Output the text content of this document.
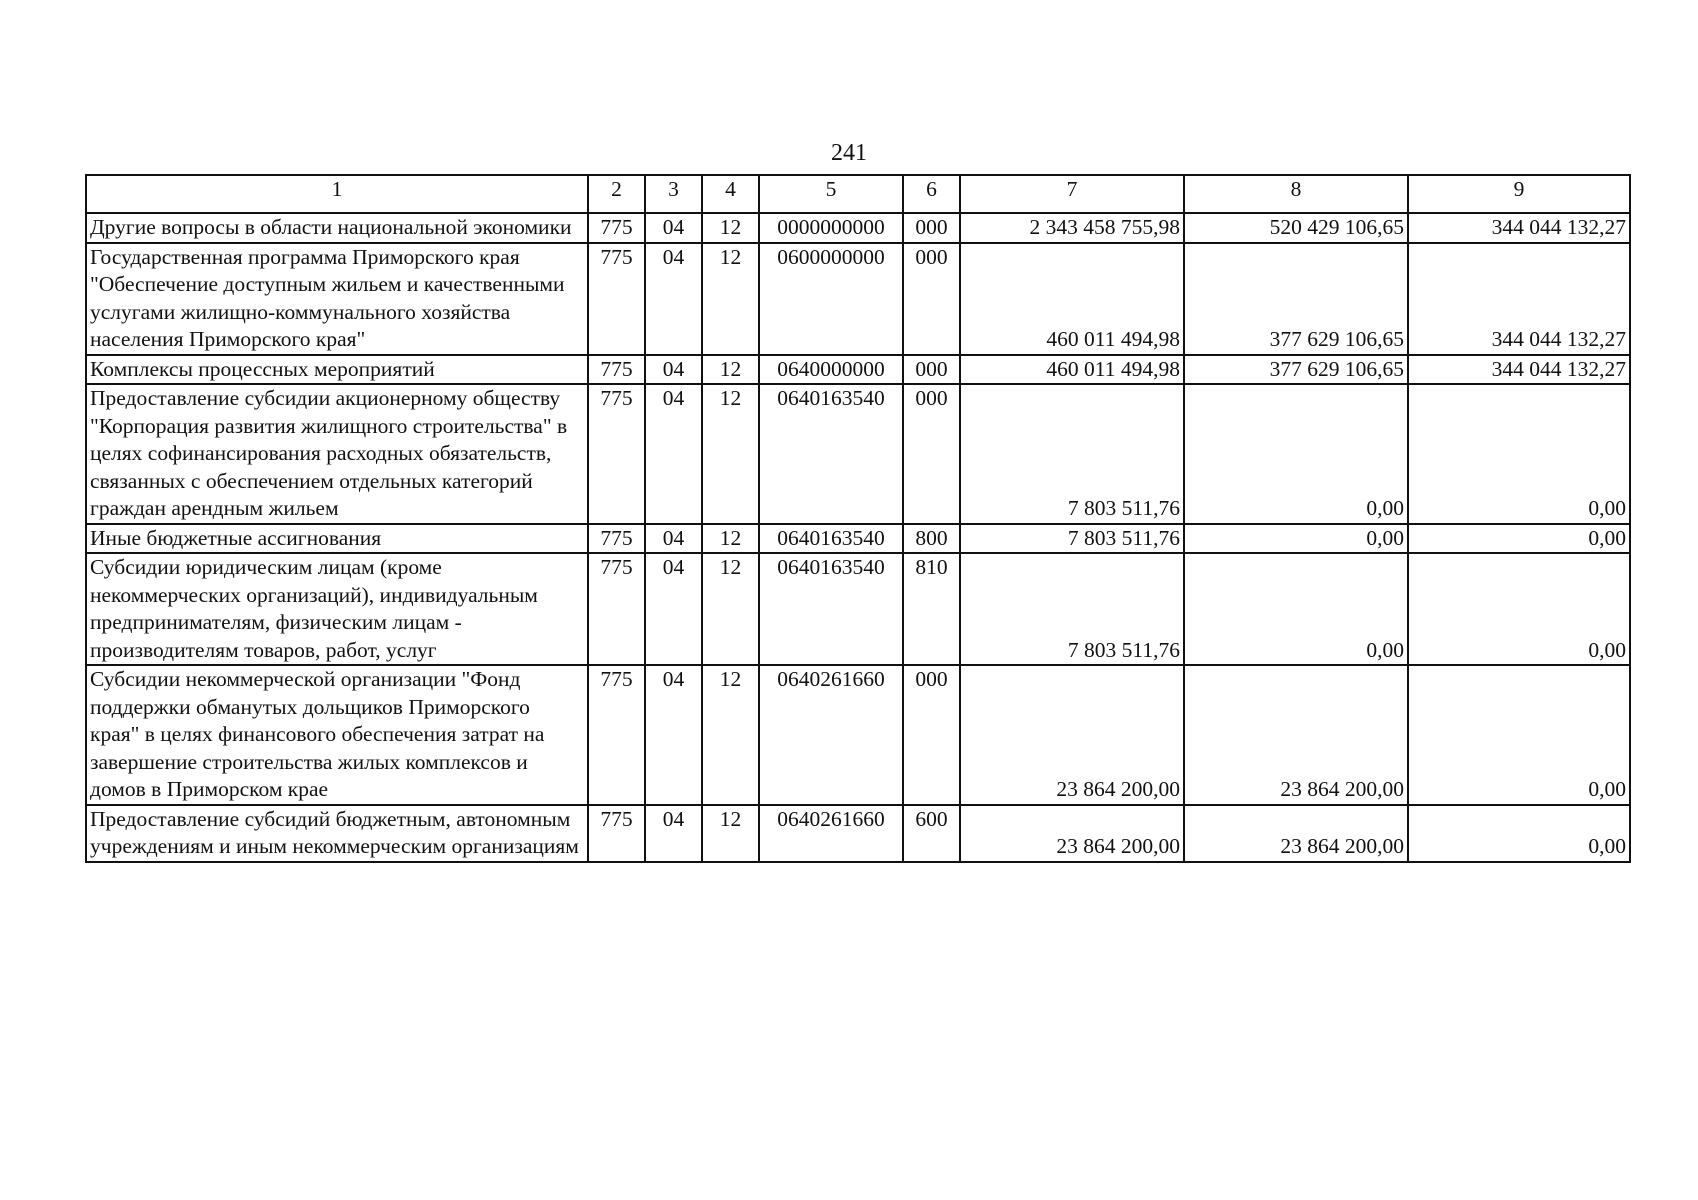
241
1	2	3	4	5	6	7	8	9
Другие вопросы в области национальной экономики	775	04	12	0000000000	000	2 343 458 755,98	520 429 106,65	344 044 132,27
Государственная программа Приморского края "Обеспечение доступным жильем и качественными услугами жилищно-коммунального хозяйства населения Приморского края"	775	04	12	0600000000	000	460 011 494,98	377 629 106,65	344 044 132,27
Комплексы процессных мероприятий	775	04	12	0640000000	000	460 011 494,98	377 629 106,65	344 044 132,27
Предоставление субсидии акционерному обществу "Корпорация развития жилищного строительства" в целях софинансирования расходных обязательств, связанных с обеспечением отдельных категорий граждан арендным жильем	775	04	12	0640163540	000	7 803 511,76	0,00	0,00
Иные бюджетные ассигнования	775	04	12	0640163540	800	7 803 511,76	0,00	0,00
Субсидии юридическим лицам (кроме некоммерческих организаций), индивидуальным предпринимателям, физическим лицам - производителям товаров, работ, услуг	775	04	12	0640163540	810	7 803 511,76	0,00	0,00
Субсидии некоммерческой организации "Фонд поддержки обманутых дольщиков Приморского края" в целях финансового обеспечения затрат на завершение строительства жилых комплексов и домов в Приморском крае	775	04	12	0640261660	000	23 864 200,00	23 864 200,00	0,00
Предоставление субсидий бюджетным, автономным учреждениям и иным некоммерческим организациям	775	04	12	0640261660	600	23 864 200,00	23 864 200,00	0,00
